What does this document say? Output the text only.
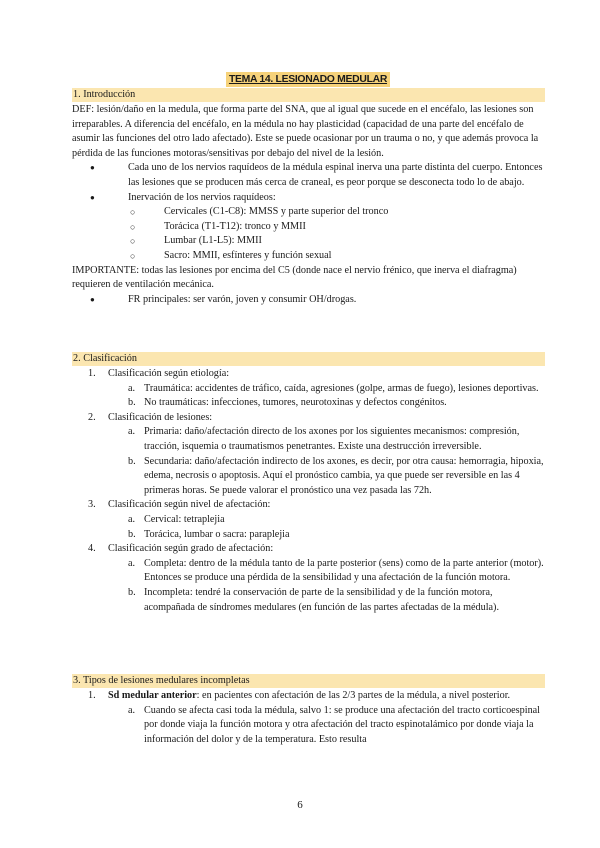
TEMA 14. LESIONADO MEDULAR
1. Introducción

DEF: lesión/daño en la medula, que forma parte del SNA, que al igual que sucede en el encéfalo, las lesiones son irreparables. A diferencia del encéfalo, en la médula no hay plasticidad (capacidad de una parte del encéfalo de asumir las funciones del otro lado afectado). Este se puede ocasionar por un trauma o no, y que además provoca la pérdida de las funciones motoras/sensitivas por debajo del nivel de la lesión.

● Cada uno de los nervios raquídeos de la médula espinal inerva una parte distinta del cuerpo. Entonces las lesiones que se producen más cerca de craneal, es peor porque se desconecta todo lo de abajo.

● Inervación de los nervios raquídeos:

○ Cervicales (C1-C8): MMSS y parte superior del tronco

○ Torácica (T1-T12): tronco y MMII

○ Lumbar (L1-L5): MMII

○ Sacro: MMII, esfínteres y función sexual

IMPORTANTE: todas las lesiones por encima del C5 (donde nace el nervio frénico, que inerva el diafragma) requieren de ventilación mecánica.

● FR principales: ser varón, joven y consumir OH/drogas.

2. Clasificación

1. Clasificación según etiología:

a. Traumática: accidentes de tráfico, caída, agresiones (golpe, armas de fuego), lesiones deportivas.

b. No traumáticas: infecciones, tumores, neurotoxinas y defectos congénitos.

2. Clasificación de lesiones:

a. Primaria: daño/afectación directo de los axones por los siguientes mecanismos: compresión, tracción, isquemia o traumatismos penetrantes. Existe una destrucción irreversible.

b. Secundaria: daño/afectación indirecto de los axones, es decir, por otra causa: hemorragia, hipoxia, edema, necrosis o apoptosis. Aquí el pronóstico cambia, ya que puede ser reversible en las 4 primeras horas. Se puede valorar el pronóstico una vez pasada las 72h.

3. Clasificación según nivel de afectación:

a. Cervical: tetraplejia

b. Torácica, lumbar o sacra: paraplejia

4. Clasificación según grado de afectación:

a. Completa: dentro de la médula tanto de la parte posterior (sens) como de la parte anterior (motor). Entonces se produce una pérdida de la sensibilidad y una afectación de la función motora.

b. Incompleta: tendré la conservación de parte de la sensibilidad y de la función motora, acompañada de síndromes medulares (en función de las partes afectadas de la médula).

3. Tipos de lesiones medulares incompletas

1. Sd medular anterior: en pacientes con afectación de las 2/3 partes de la médula, a nivel posterior.

a. Cuando se afecta casi toda la médula, salvo 1: se produce una afectación del tracto corticoespinal por donde viaja la función motora y otra afectación del tracto espinotalámico por donde viaja la información del dolor y de la temperatura. Esto resulta

6
